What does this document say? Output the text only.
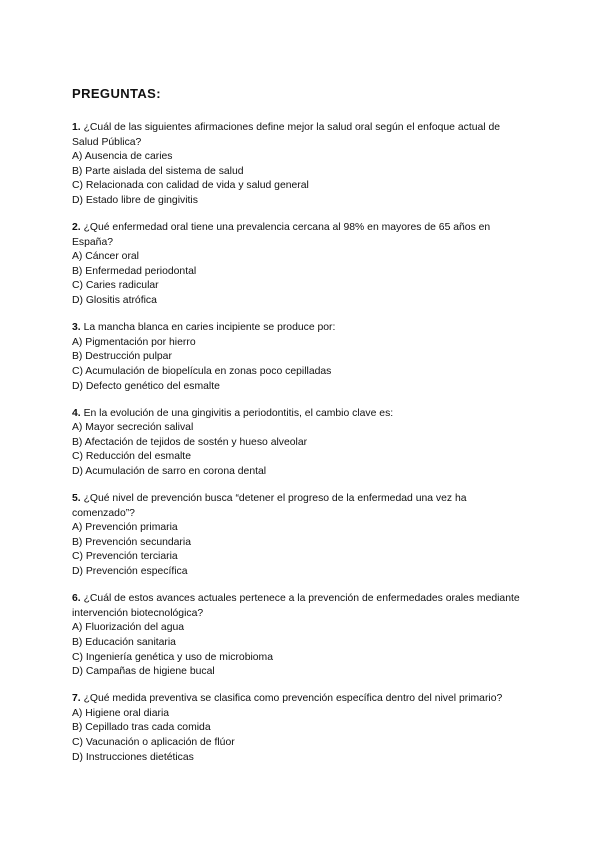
PREGUNTAS:

1. ¿Cuál de las siguientes afirmaciones define mejor la salud oral según el enfoque actual de Salud Pública?

A) Ausencia de caries

B) Parte aislada del sistema de salud

C) Relacionada con calidad de vida y salud general

D) Estado libre de gingivitis

2. ¿Qué enfermedad oral tiene una prevalencia cercana al 98% en mayores de 65 años en España?

A) Cáncer oral

B) Enfermedad periodontal

C) Caries radicular

D) Glositis atrófica

3. La mancha blanca en caries incipiente se produce por:

A) Pigmentación por hierro

B) Destrucción pulpar

C) Acumulación de biopelícula en zonas poco cepilladas

D) Defecto genético del esmalte

4. En la evolución de una gingivitis a periodontitis, el cambio clave es:

A) Mayor secreción salival

B) Afectación de tejidos de sostén y hueso alveolar

C) Reducción del esmalte

D) Acumulación de sarro en corona dental

5. ¿Qué nivel de prevención busca “detener el progreso de la enfermedad una vez ha comenzado”?

A) Prevención primaria

B) Prevención secundaria

C) Prevención terciaria

D) Prevención específica

6. ¿Cuál de estos avances actuales pertenece a la prevención de enfermedades orales mediante intervención biotecnológica?

A) Fluorización del agua

B) Educación sanitaria

C) Ingeniería genética y uso de microbioma

D) Campañas de higiene bucal

7. ¿Qué medida preventiva se clasifica como prevención específica dentro del nivel primario?

A) Higiene oral diaria

B) Cepillado tras cada comida

C) Vacunación o aplicación de flúor

D) Instrucciones dietéticas
